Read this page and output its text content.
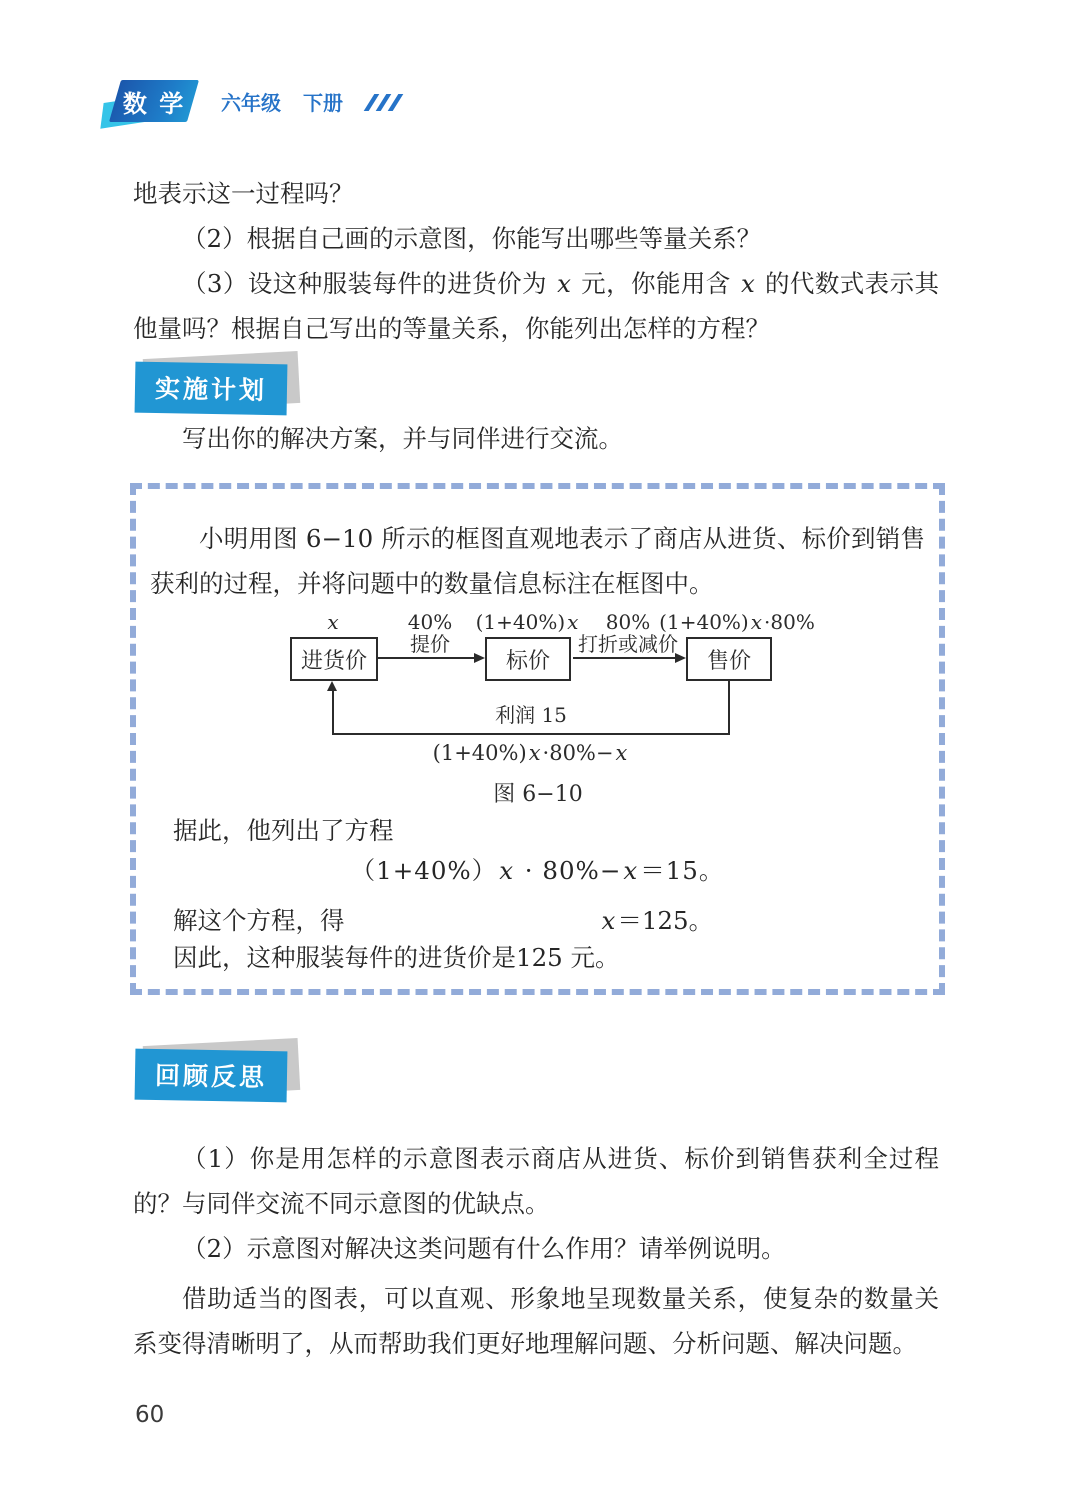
数 学 六年级 下册

地表示这一过程吗？

（2）根据自己画的示意图，你能写出哪些等量关系？

（3）设这种服装每件的进货价为 x 元，你能用含 x 的代数式表示其他量吗？根据自己写出的等量关系，你能列出怎样的方程？

实施计划

写出你的解决方案，并与同伴进行交流。

小明用图 6−10 所示的框图直观地表示了商店从进货、标价到销售获利的过程，并将问题中的数量信息标注在框图中。

x	(1+40%) x	(1+40%) x ·80%
40%
提价
80%
打折或减价
进货价	标价	售价
利润 15
(1+40%)x·80%−x
图 6−10

据此，他列出了方程

（1+40%）x · 80%−x＝15。

解这个方程，得	x＝125。

因此，这种服装每件的进货价是125 元。

回顾反思

（1）你是用怎样的示意图表示商店从进货、标价到销售获利全过程的？与同伴交流不同示意图的优缺点。

（2）示意图对解决这类问题有什么作用？请举例说明。

借助适当的图表，可以直观、形象地呈现数量关系，使复杂的数量关系变得清晰明了，从而帮助我们更好地理解问题、分析问题、解决问题。

60
